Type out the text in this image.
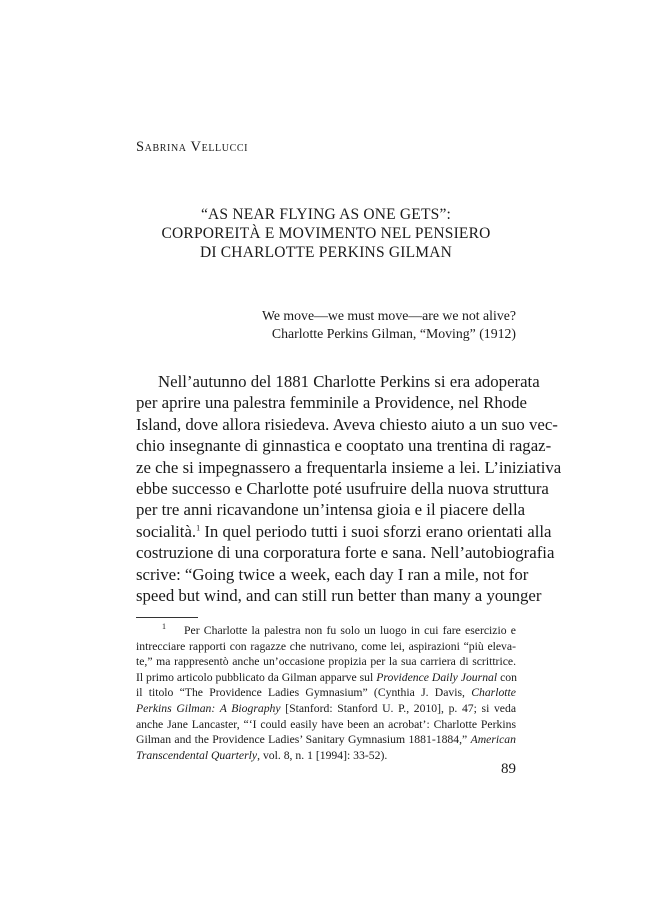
Sabrina Vellucci
“AS NEAR FLYING AS ONE GETS”:
CORPOREITÀ E MOVIMENTO NEL PENSIERO
DI CHARLOTTE PERKINS GILMAN
We move—we must move—are we not alive?
Charlotte Perkins Gilman, “Moving” (1912)
Nell’autunno del 1881 Charlotte Perkins si era adoperata
per aprire una palestra femminile a Providence, nel Rhode
Island, dove allora risiedeva. Aveva chiesto aiuto a un suo vec-
chio insegnante di ginnastica e cooptato una trentina di ragaz-
ze che si impegnassero a frequentarla insieme a lei. L’iniziativa
ebbe successo e Charlotte poté usufruire della nuova struttura
per tre anni ricavandone un’intensa gioia e il piacere della
socialità.$^1$ In quel periodo tutti i suoi sforzi erano orientati alla
costruzione di una corporatura forte e sana. Nell’autobiografia
scrive: “Going twice a week, each day I ran a mile, not for
speed but wind, and can still run better than many a younger
$^1$ Per Charlotte la palestra non fu solo un luogo in cui fare esercizio e
intrecciare rapporti con ragazze che nutrivano, come lei, aspirazioni “più eleva-
te,” ma rappresentò anche un’occasione propizia per la sua carriera di scrittrice.
Il primo articolo pubblicato da Gilman apparve sul Providence Daily Journal con
il titolo “The Providence Ladies Gymnasium” (Cynthia J. Davis, Charlotte
Perkins Gilman: A Biography [Stanford: Stanford U. P., 2010], p. 47; si veda
anche Jane Lancaster, “‘I could easily have been an acrobat’: Charlotte Perkins
Gilman and the Providence Ladies’ Sanitary Gymnasium 1881-1884,” American
Transcendental Quarterly, vol. 8, n. 1 [1994]: 33-52).
89
